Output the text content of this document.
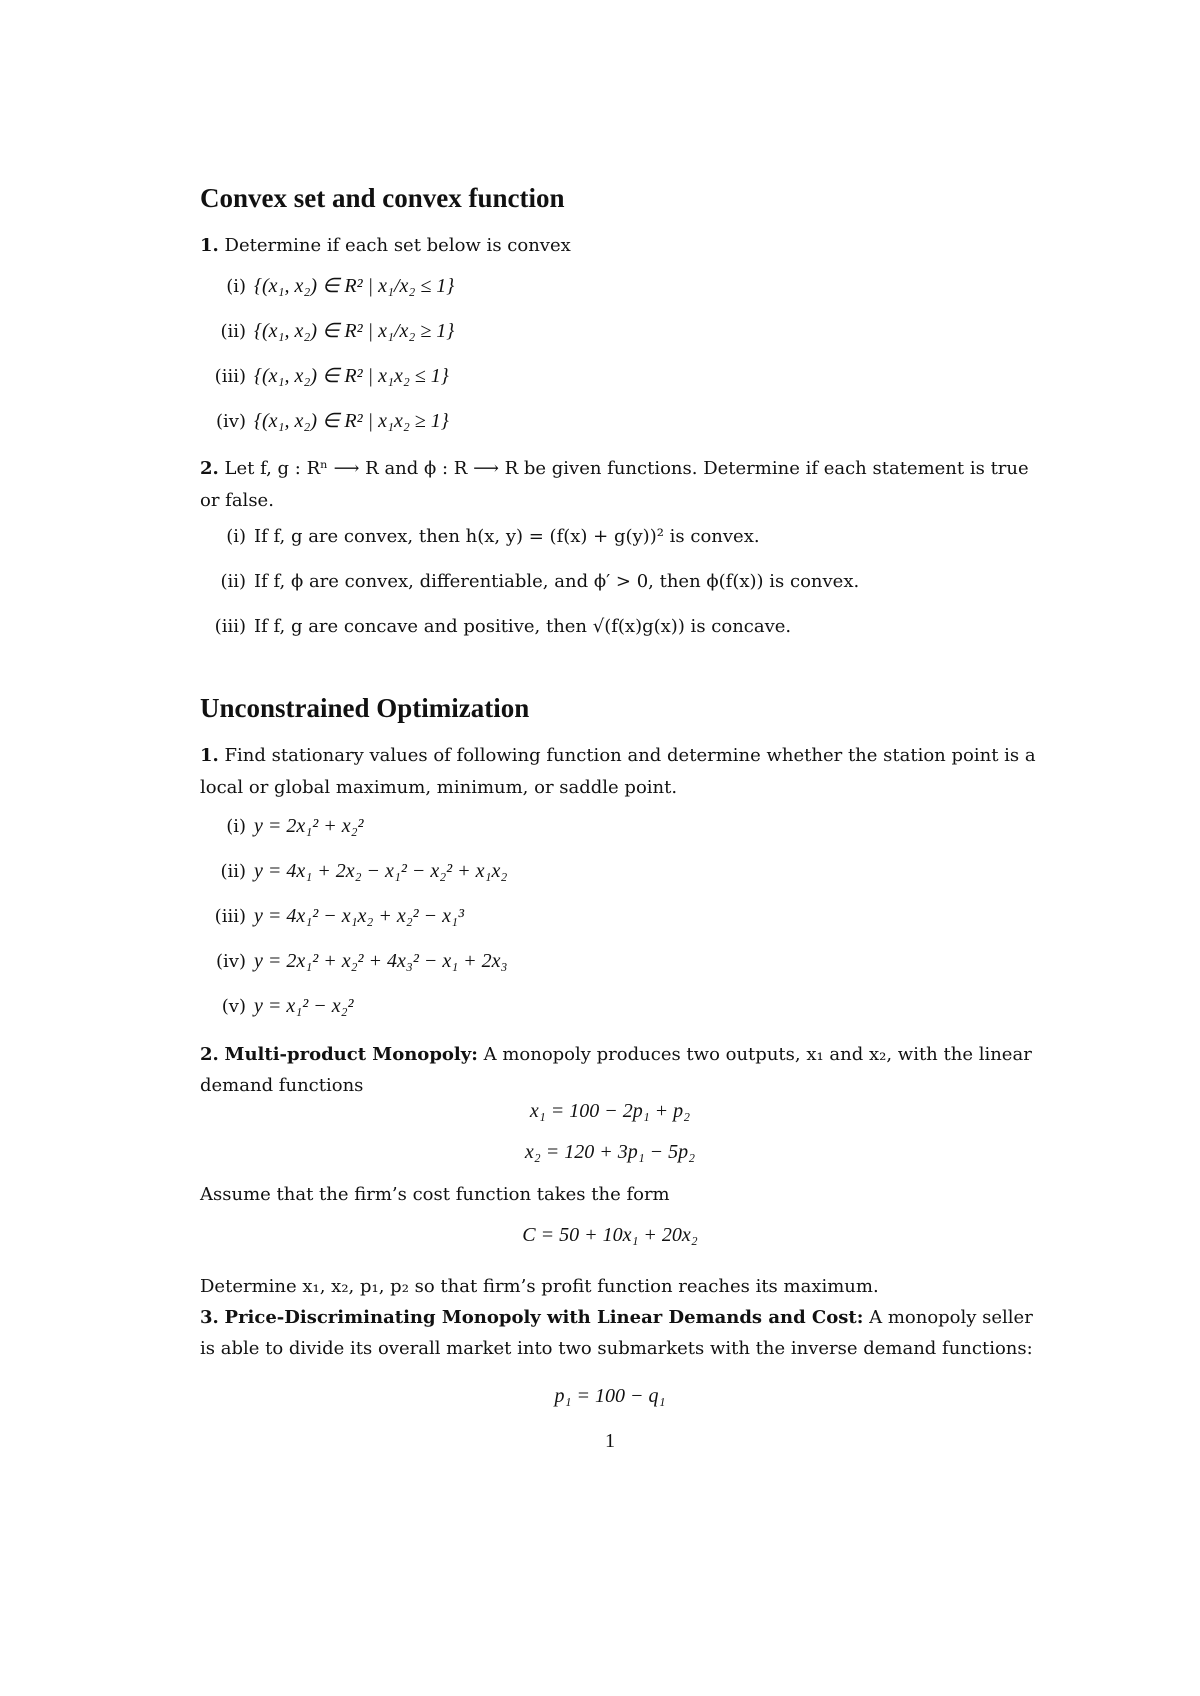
Convex set and convex function
1. Determine if each set below is convex
(i) {(x₁, x₂) ∈ R² | x₁/x₂ ≤ 1}
(ii) {(x₁, x₂) ∈ R² | x₁/x₂ ≥ 1}
(iii) {(x₁, x₂) ∈ R² | x₁x₂ ≤ 1}
(iv) {(x₁, x₂) ∈ R² | x₁x₂ ≥ 1}
2. Let f, g : Rⁿ ⟶ R and ϕ : R ⟶ R be given functions. Determine if each statement is true
or false.
(i) If f, g are convex, then h(x, y) = (f(x) + g(y))² is convex.
(ii) If f, ϕ are convex, differentiable, and ϕ′ > 0, then ϕ(f(x)) is convex.
(iii) If f, g are concave and positive, then √(f(x)g(x)) is concave.
Unconstrained Optimization
1. Find stationary values of following function and determine whether the station point is a
local or global maximum, minimum, or saddle point.
(i) y = 2x₁² + x₂²
(ii) y = 4x₁ + 2x₂ − x₁² − x₂² + x₁x₂
(iii) y = 4x₁² − x₁x₂ + x₂² − x₁³
(iv) y = 2x₁² + x₂² + 4x₃² − x₁ + 2x₃
(v) y = x₁² − x₂²
2. Multi-product Monopoly: A monopoly produces two outputs, x₁ and x₂, with the linear
demand functions
x₁ = 100 − 2p₁ + p₂
x₂ = 120 + 3p₁ − 5p₂
Assume that the firm’s cost function takes the form
C = 50 + 10x₁ + 20x₂
Determine x₁, x₂, p₁, p₂ so that firm’s profit function reaches its maximum.
3. Price-Discriminating Monopoly with Linear Demands and Cost: A monopoly seller
is able to divide its overall market into two submarkets with the inverse demand functions:
p₁ = 100 − q₁
1
